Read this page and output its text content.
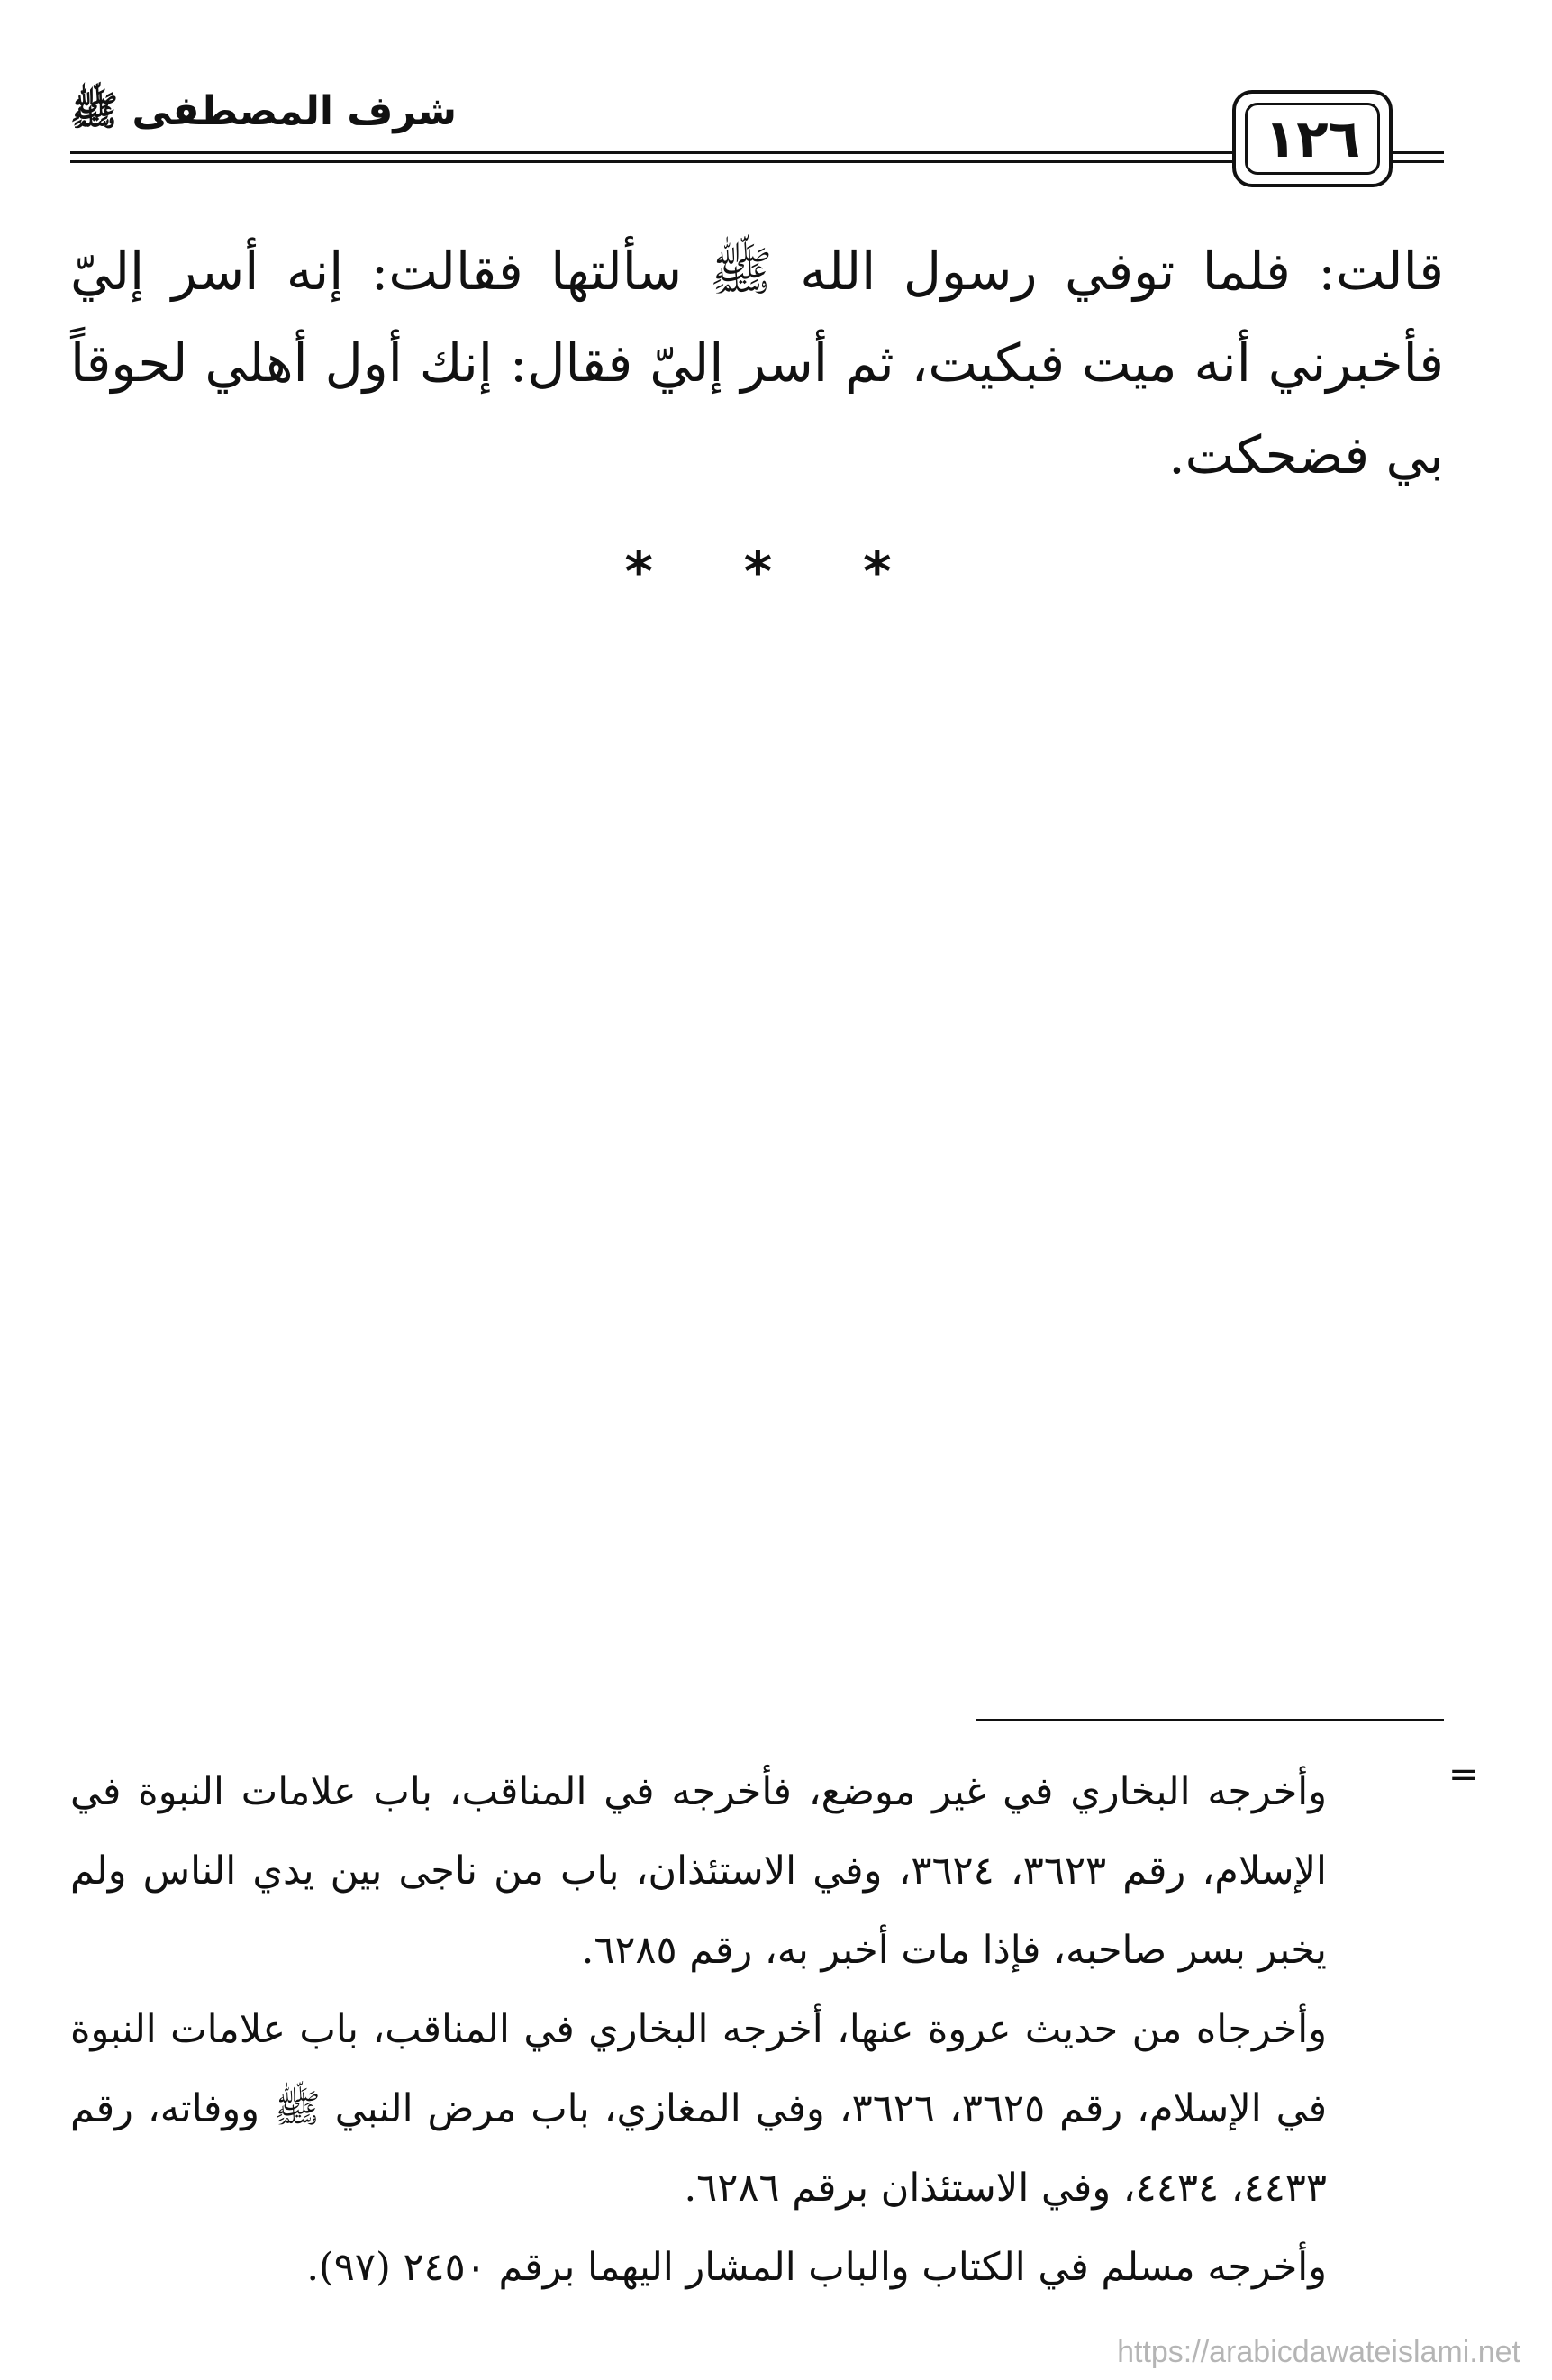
١٢٦
شرف المصطفى ﷺ

قالت: فلما توفي رسول الله ﷺ سألتها فقالت: إنه أسر إليّ فأخبرني أنه ميت فبكيت، ثم أسر إليّ فقال: إنك أول أهلي لحوقاً بي فضحكت.

* * *
=

وأخرجه البخاري في غير موضع، فأخرجه في المناقب، باب علامات النبوة في الإسلام، رقم ٣٦٢٣، ٣٦٢٤، وفي الاستئذان، باب من ناجى بين يدي الناس ولم يخبر بسر صاحبه، فإذا مات أخبر به، رقم ٦٢٨٥.

وأخرجاه من حديث عروة عنها، أخرجه البخاري في المناقب، باب علامات النبوة في الإسلام، رقم ٣٦٢٥، ٣٦٢٦، وفي المغازي، باب مرض النبي ﷺ ووفاته، رقم ٤٤٣٣، ٤٤٣٤، وفي الاستئذان برقم ٦٢٨٦.

وأخرجه مسلم في الكتاب والباب المشار اليهما برقم ٢٤٥٠ (٩٧).

https://arabicdawateislami.net
